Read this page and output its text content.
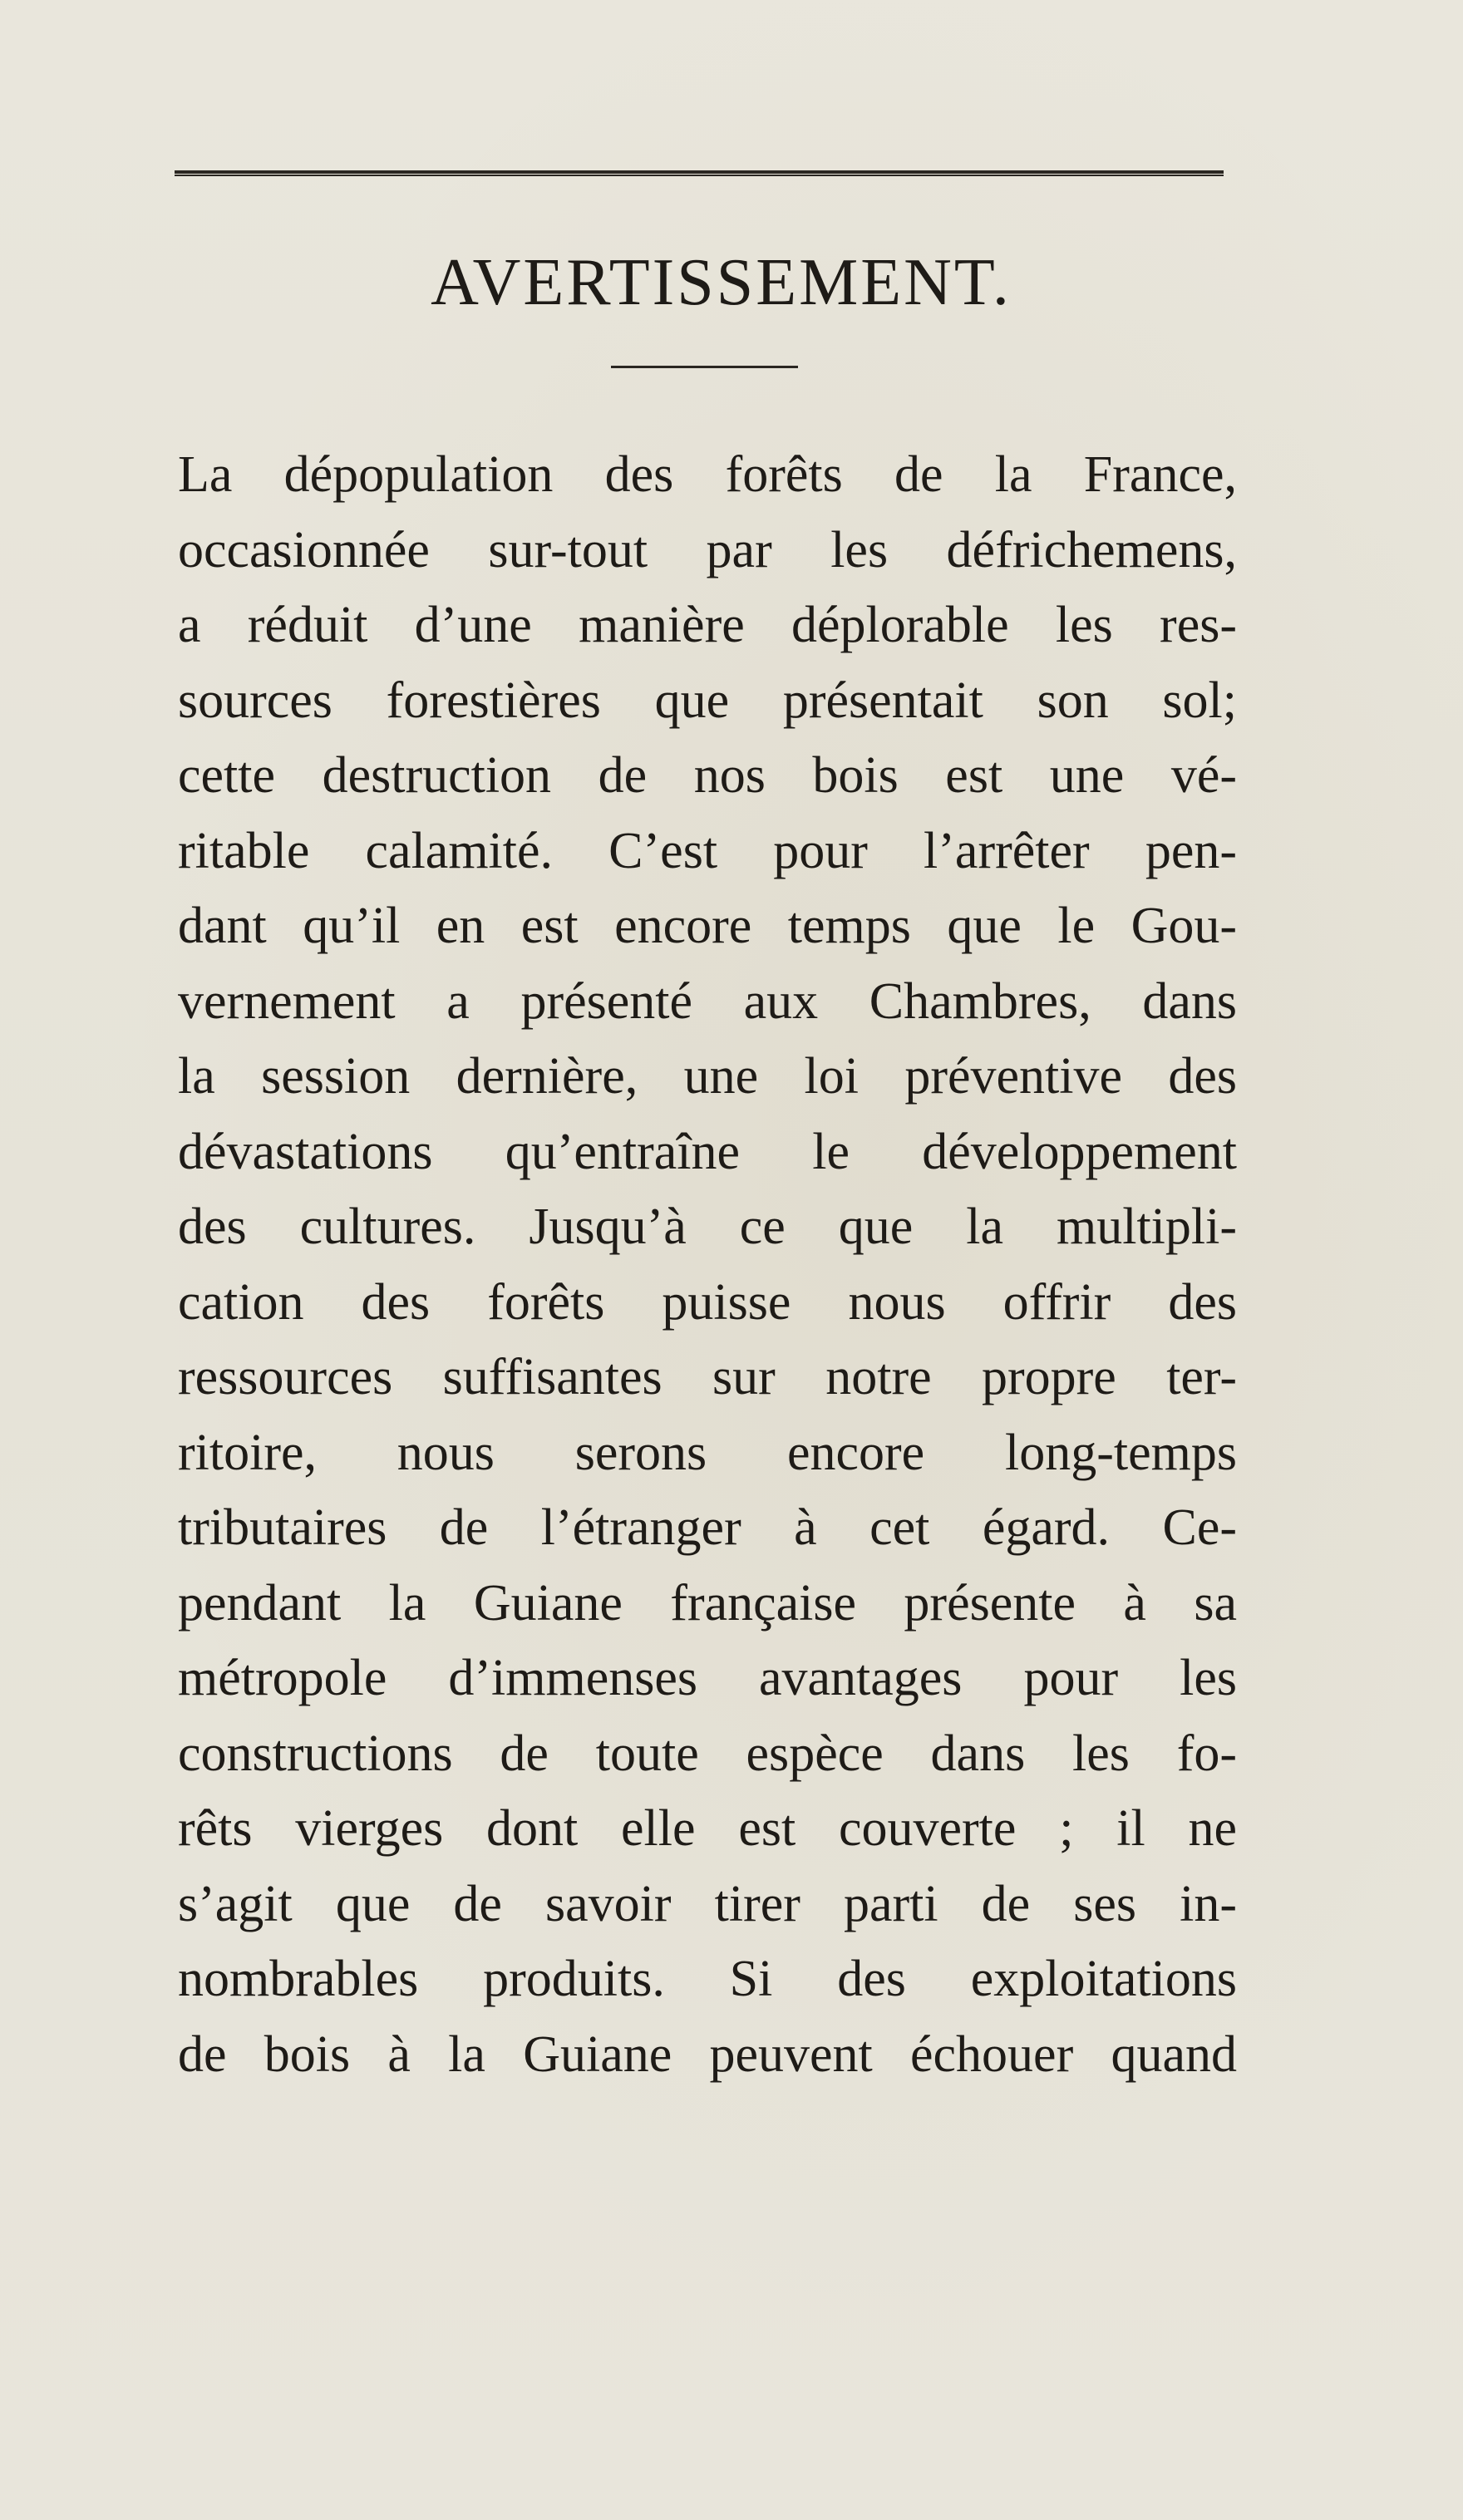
AVERTISSEMENT.
La dépopulation des forêts de la France,
occasionnée sur-tout par les défrichemens,
a réduit d’une manière déplorable les res-
sources forestières que présentait son sol;
cette destruction de nos bois est une vé-
ritable calamité. C’est pour l’arrêter pen-
dant qu’il en est encore temps que le Gou-
vernement a présenté aux Chambres, dans
la session dernière, une loi préventive des
dévastations qu’entraîne le développement
des cultures. Jusqu’à ce que la multipli-
cation des forêts puisse nous offrir des
ressources suffisantes sur notre propre ter-
ritoire, nous serons encore long-temps
tributaires de l’étranger à cet égard. Ce-
pendant la Guiane française présente à sa
métropole d’immenses avantages pour les
constructions de toute espèce dans les fo-
rêts vierges dont elle est couverte ; il ne
s’agit que de savoir tirer parti de ses in-
nombrables produits. Si des exploitations
de bois à la Guiane peuvent échouer quand
